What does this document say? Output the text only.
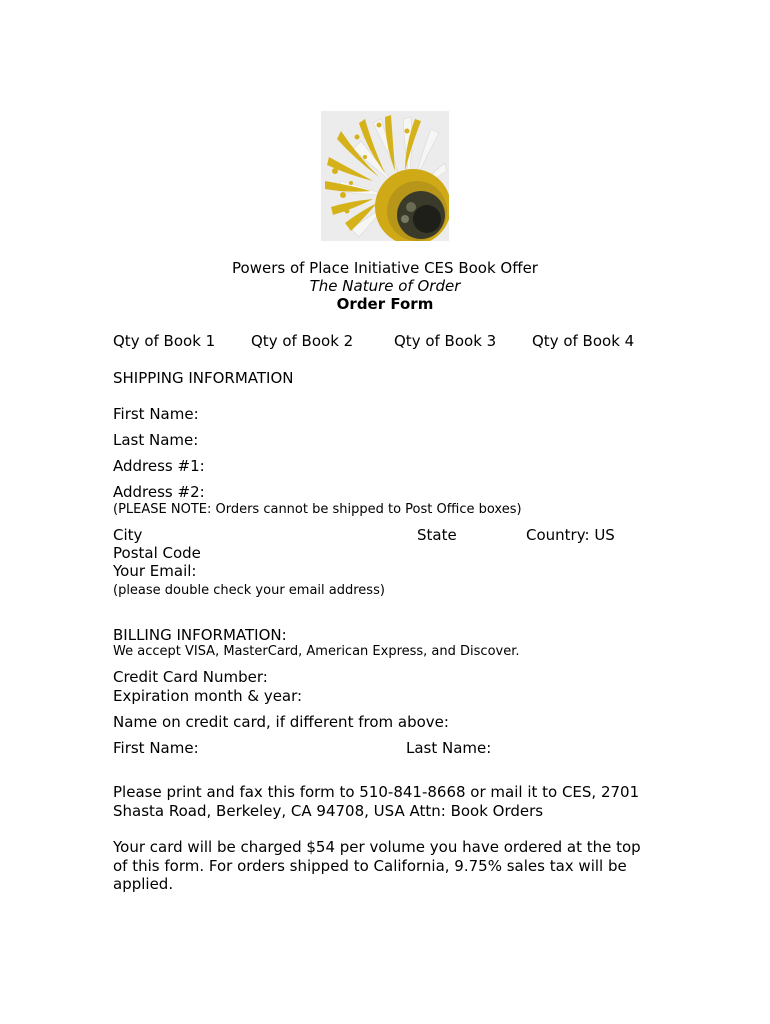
Powers of Place Initiative CES Book Offer
The Nature of Order
Order Form
Qty of Book 1 Qty of Book 2	Qty of Book 3 Qty of Book 4
SHIPPING INFORMATION
First Name:
Last Name:
Address #1:
Address #2:
(PLEASE NOTE: Orders cannot be shipped to Post Office boxes)
City	State	Country: US
Postal Code
Your Email:
(please double check your email address)
BILLING INFORMATION:
We accept VISA, MasterCard, American Express, and Discover.
Credit Card Number:
Expiration month & year:
Name on credit card, if different from above:
First Name:	Last Name:
Please print and fax this form to 510-841-8668 or mail it to CES, 2701 Shasta Road, Berkeley, CA 94708, USA Attn: Book Orders
Your card will be charged $54 per volume you have ordered at the top of this form. For orders shipped to California, 9.75% sales tax will be applied.
